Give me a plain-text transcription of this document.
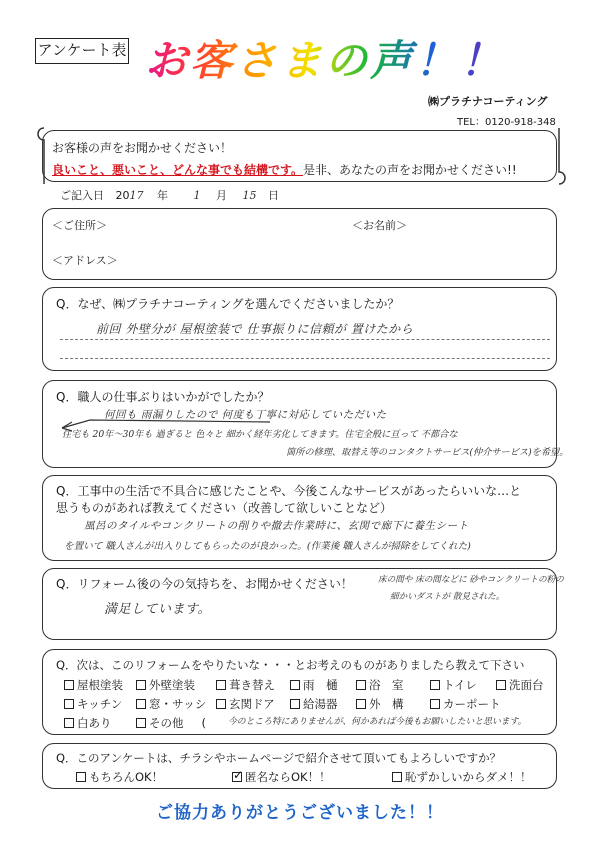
アンケート表 お客さまの声！！
㈱プラチナコーティング
TEL：0120-918-348
お客様の声をお聞かせください！
良いこと、悪いこと、どんな事でも結構です。是非、あなたの声をお聞かせください!!
ご記入日 2017 年 1 月 15 日
＜ご住所＞	＜お名前＞
＜アドレス＞
Q．なぜ、㈱プラチナコーティングを選んでくださいましたか？
前回 外壁分が 屋根塗装で 仕事振りに信頼が 置けたから
Q．職人の仕事ぶりはいかがでしたか？
何回も 雨漏りしたので 何度も丁寧に対応していただいた
住宅も 20年～30年も 過ぎると 色々と 細かく経年劣化してきます。住宅全般に亘って 不都合な
箇所の修理、取替え等のコンタクトサービス(仲介サービス)を希望。
Q．工事中の生活で不具合に感じたことや、今後こんなサービスがあったらいいな…と
思うものがあれば教えてください（改善して欲しいことなど）
風呂のタイルやコンクリートの削りや撤去作業時に、玄関で廊下に養生シート
を置いて 職人さんが出入りしてもらったのが良かった。(作業後 職人さんが掃除をしてくれた)
Q．リフォーム後の今の気持ちを、お聞かせください！
満足しています。
床の間や 床の間などに 砂やコンクリートの粉の
細かいダストが 散見された。
Q．次は、このリフォームをやりたいな・・・とお考えのものがありましたら教えて下さい
屋根塗装	外壁塗装	葺き替え	雨　樋	浴　室	トイレ	洗面台
キッチン	窓・サッシ	玄関ドア	給湯器	外　構	カーポート
白あり	その他 (	今のところ特にありませんが、何かあれば今後もお願いしたいと思います。
Q．このアンケートは、チラシやホームページで紹介させて頂いてもよろしいですか？
もちろんOK！
✓	匿名ならOK！！	恥ずかしいからダメ！！
ご協力ありがとうございました！！
